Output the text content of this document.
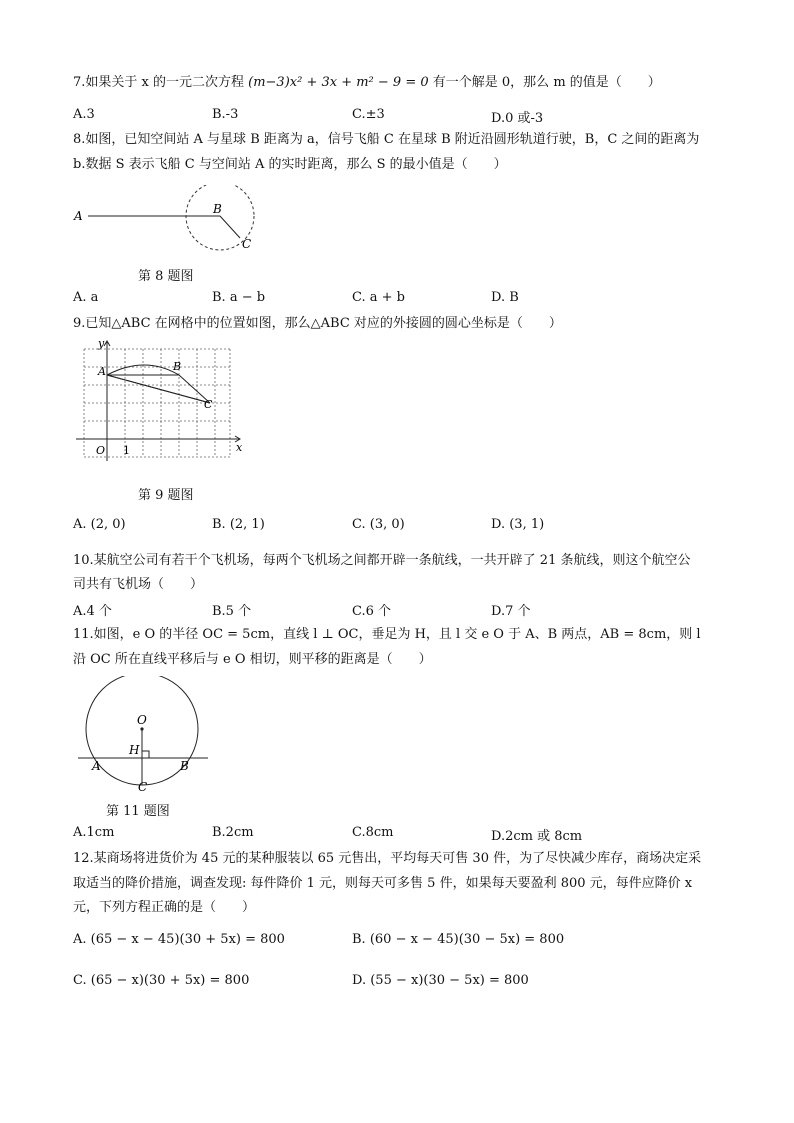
7.如果关于 x 的一元二次方程 (m−3)x² + 3x + m² − 9 = 0 有一个解是 0，那么 m 的值是（　　）
A.3	B.-3	C.±3	D.0 或-3
8.如图，已知空间站 A 与星球 B 距离为 a，信号飞船 C 在星球 B 附近沿圆形轨道行驶，B，C 之间的距离为
b.数据 S 表示飞船 C 与空间站 A 的实时距离，那么 S 的最小值是（　　）
A	B
C
第 8 题图
A. a	B. a − b	C. a + b	D. B
9.已知△ABC 在网格中的位置如图，那么△ABC 对应的外接圆的圆心坐标是（　　）
y
x
O 1
A	B
C
第 9 题图
A. (2, 0)	B. (2, 1)	C. (3, 0)	D. (3, 1)
10.某航空公司有若干个飞机场，每两个飞机场之间都开辟一条航线，一共开辟了 21 条航线，则这个航空公
司共有飞机场（　　）
A.4 个	B.5 个	C.6 个	D.7 个
11.如图，e O 的半径 OC = 5cm，直线 l ⊥ OC，垂足为 H，且 l 交 e O 于 A、B 两点，AB = 8cm，则 l
沿 OC 所在直线平移后与 e O 相切，则平移的距离是（　　）
O
H
A	B
C
第 11 题图
A.1cm	B.2cm	C.8cm	D.2cm 或 8cm
12.某商场将进货价为 45 元的某种服装以 65 元售出，平均每天可售 30 件，为了尽快减少库存，商场决定采
取适当的降价措施，调查发现: 每件降价 1 元，则每天可多售 5 件，如果每天要盈利 800 元，每件应降价 x
元，下列方程正确的是（　　）
A. (65 − x − 45)(30 + 5x) = 800	B. (60 − x − 45)(30 − 5x) = 800
C. (65 − x)(30 + 5x) = 800	D. (55 − x)(30 − 5x) = 800
